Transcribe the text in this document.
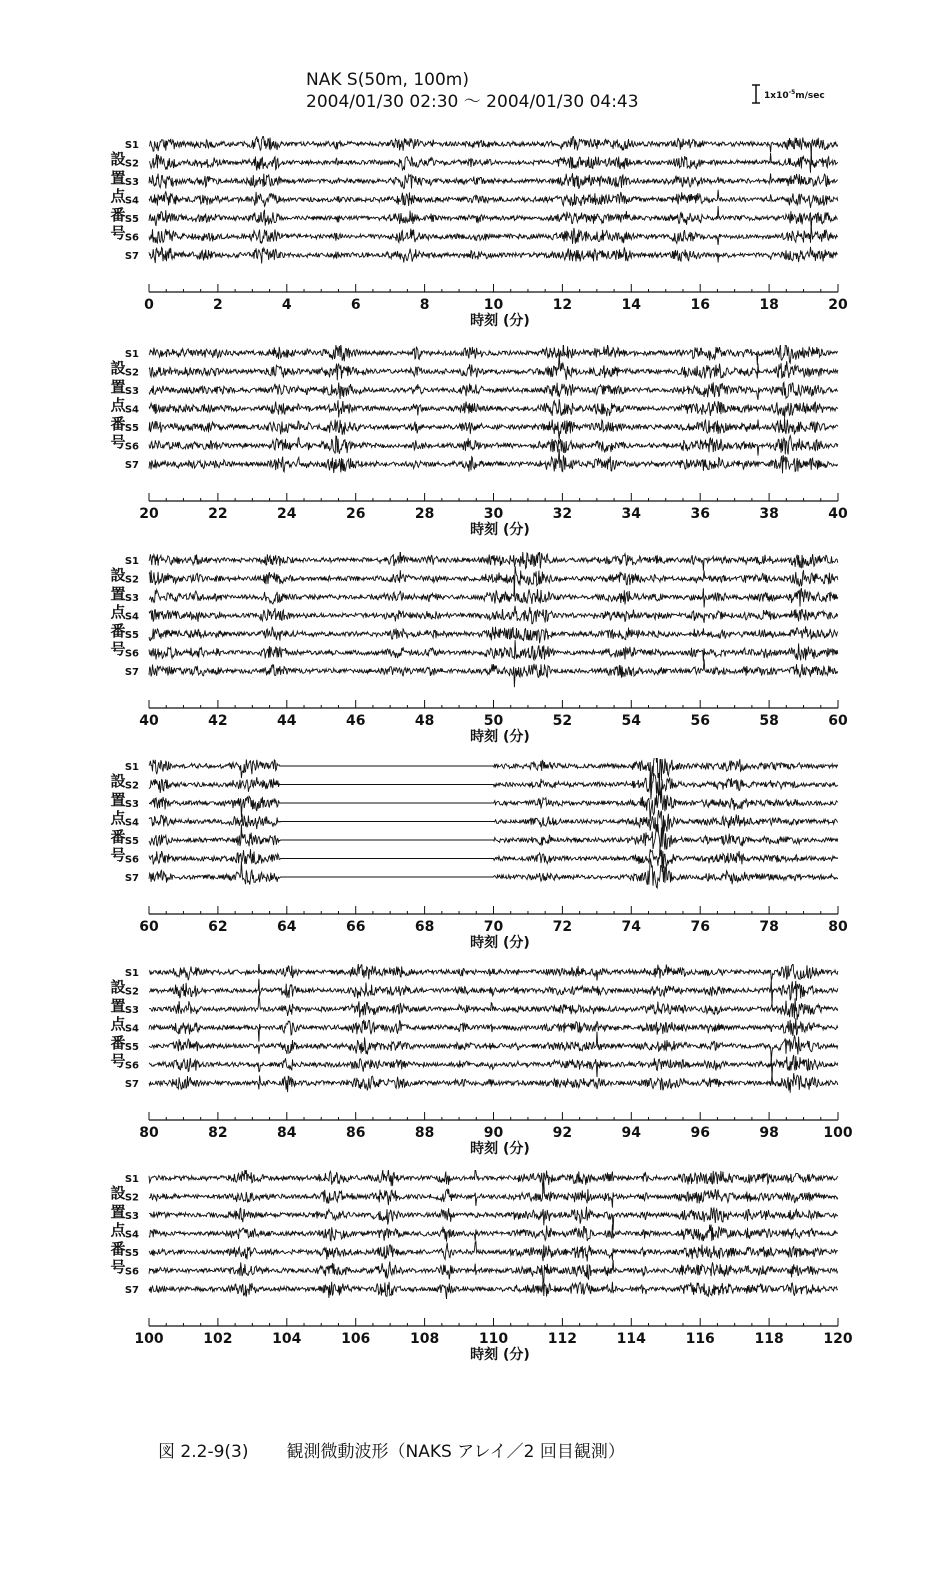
NAK S(50m, 100m)
2004/01/30 02:30 ～ 2004/01/30 04:43	$1x10^{-5}m/\sec$
S1
S2
S3
S4
S5
S6
S7
0	2	4	6	8	10	12	14	16	18	20
設
置
点
番
号
時刻 (分)
S1
S2
S3
S4
S5
S6
S7
20	22	24	26	28	30	32	34	36	38	40
設
置
点
番
号
時刻 (分)
S1
S2
S3
S4
S5
S6
S7
40	42	44	46	48	50	52	54	56	58	60
設
置
点
番
号
時刻 (分)
S1
S2
S3
S4
S5
S6
S7
60	62	64	66	68	70	72	74	76	78	80
設
置
点
番
号
時刻 (分)
S1
S2
S3
S4
S5
S6
S7
80	82	84	86	88	90	92	94	96	98	100
設
置
点
番
号
時刻 (分)
S1
S2
S3
S4
S5
S6
S7
100	102	104	106	108	110	112	114	116	118	120
設
置
点
番
号
時刻 (分)
図 2.2-9(3) 観測微動波形（NAKS アレイ／2 回目観測）
